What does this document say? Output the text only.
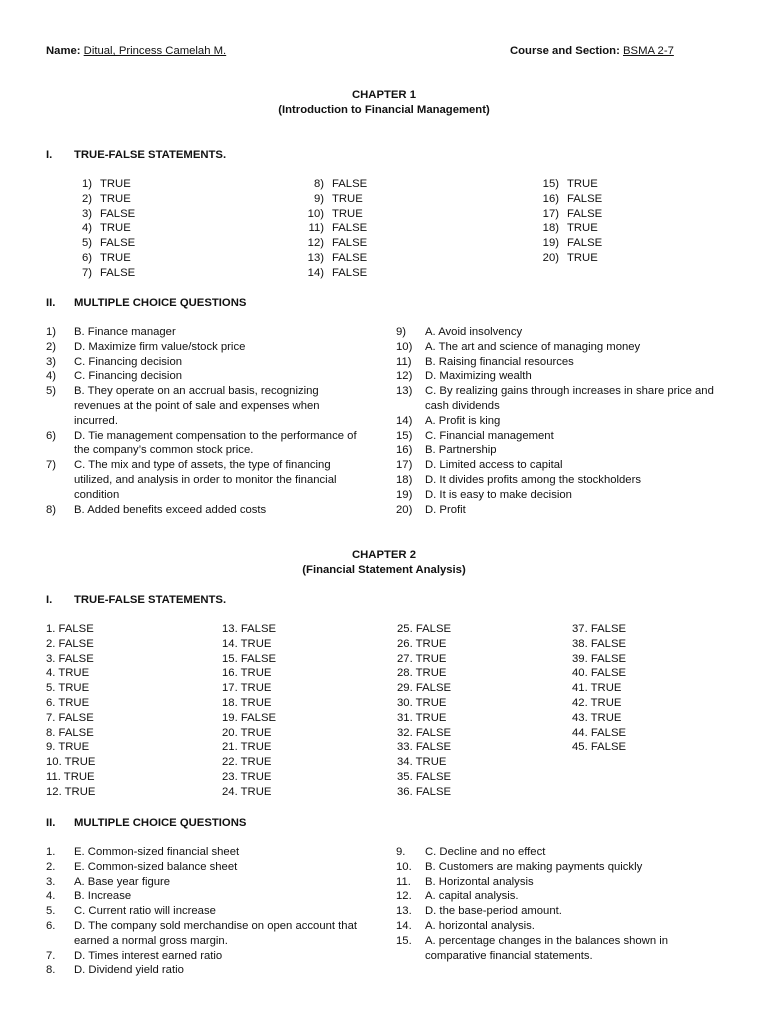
Name: Ditual, Princess Camelah M.	Course and Section: BSMA 2-7
CHAPTER 1
(Introduction to Financial Management)
I. TRUE-FALSE STATEMENTS.
1) TRUE
2) TRUE
3) FALSE
4) TRUE
5) FALSE
6) TRUE
7) FALSE
8) FALSE
9) TRUE
10) TRUE
11) FALSE
12) FALSE
13) FALSE
14) FALSE
15) TRUE
16) FALSE
17) FALSE
18) TRUE
19) FALSE
20) TRUE
II. MULTIPLE CHOICE QUESTIONS
1)	B. Finance manager
2)	D. Maximize firm value/stock price
3)	C. Financing decision
4)	C. Financing decision
5)	B. They operate on an accrual basis, recognizing revenues at the point of sale and expenses when incurred.
6)	D. Tie management compensation to the performance of the company’s common stock price.
7)	C. The mix and type of assets, the type of financing utilized, and analysis in order to monitor the financial condition
8)	B. Added benefits exceed added costs
9)	A. Avoid insolvency
10)	A. The art and science of managing money
11)	B. Raising financial resources
12)	D. Maximizing wealth
13)	C. By realizing gains through increases in share price and cash dividends
14)	A. Profit is king
15)	C. Financial management
16)	B. Partnership
17)	D. Limited access to capital
18)	D. It divides profits among the stockholders
19)	D. It is easy to make decision
20)	D. Profit
CHAPTER 2
(Financial Statement Analysis)
I. TRUE-FALSE STATEMENTS.
1. FALSE
2. FALSE
3. FALSE
4. TRUE
5. TRUE
6. TRUE
7. FALSE
8. FALSE
9. TRUE
10. TRUE
11. TRUE
12. TRUE
13. FALSE
14. TRUE
15. FALSE
16. TRUE
17. TRUE
18. TRUE
19. FALSE
20. TRUE
21. TRUE
22. TRUE
23. TRUE
24. TRUE
25. FALSE
26. TRUE
27. TRUE
28. TRUE
29. FALSE
30. TRUE
31. TRUE
32. FALSE
33. FALSE
34. TRUE
35. FALSE
36. FALSE
37. FALSE
38. FALSE
39. FALSE
40. FALSE
41. TRUE
42. TRUE
43. TRUE
44. FALSE
45. FALSE
II. MULTIPLE CHOICE QUESTIONS
1.	E. Common-sized financial sheet
2.	E. Common-sized balance sheet
3.	A. Base year figure
4.	B. Increase
5.	C. Current ratio will increase
6.	D. The company sold merchandise on open account that earned a normal gross margin.
7.	D. Times interest earned ratio
8.	D. Dividend yield ratio
9.	C. Decline and no effect
10.	B. Customers are making payments quickly
11.	B. Horizontal analysis
12.	A. capital analysis.
13.	D. the base-period amount.
14.	A. horizontal analysis.
15.	A. percentage changes in the balances shown in comparative financial statements.
